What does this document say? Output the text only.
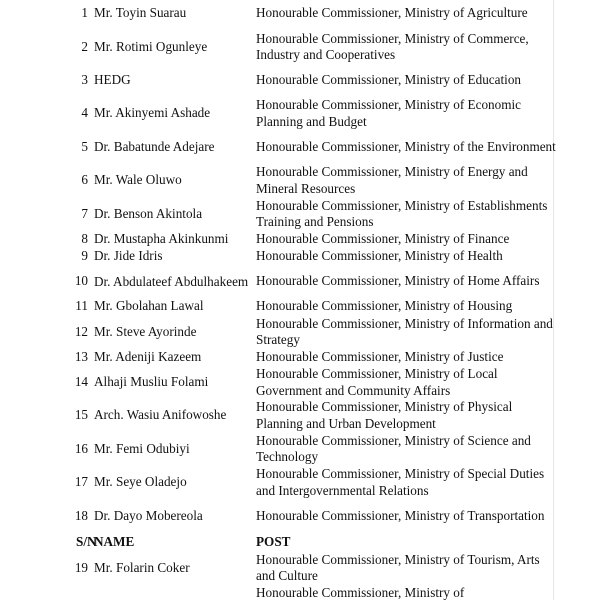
1	Mr. Toyin Suarau	Honourable Commissioner, Ministry of Agriculture
2	Mr. Rotimi Ogunleye	Honourable Commissioner, Ministry of Commerce, Industry and Cooperatives
3	HEDG	Honourable Commissioner, Ministry of Education
4	Mr. Akinyemi Ashade	Honourable Commissioner, Ministry of Economic Planning and Budget
5	Dr. Babatunde Adejare	Honourable Commissioner, Ministry of the Environment
6	Mr. Wale Oluwo	Honourable Commissioner, Ministry of Energy and Mineral Resources
7	Dr. Benson Akintola	Honourable Commissioner, Ministry of Establishments Training and Pensions
8	Dr. Mustapha Akinkunmi	Honourable Commissioner, Ministry of Finance
9	Dr. Jide Idris	Honourable Commissioner, Ministry of Health
10	Dr. Abdulateef Abdulhakeem	Honourable Commissioner, Ministry of Home Affairs
11	Mr. Gbolahan Lawal	Honourable Commissioner, Ministry of Housing
12	Mr. Steve Ayorinde	Honourable Commissioner, Ministry of Information and Strategy
13	Mr. Adeniji Kazeem	Honourable Commissioner, Ministry of Justice
14	Alhaji Musliu Folami	Honourable Commissioner, Ministry of Local Government and Community Affairs
15	Arch. Wasiu Anifowoshe	Honourable Commissioner, Ministry of Physical Planning and Urban Development
16	Mr. Femi Odubiyi	Honourable Commissioner, Ministry of Science and Technology
17	Mr. Seye Oladejo	Honourable Commissioner, Ministry of Special Duties and Intergovernmental Relations
18	Dr. Dayo Mobereola	Honourable Commissioner, Ministry of Transportation
S/N	NAME	POST
19	Mr. Folarin Coker	Honourable Commissioner, Ministry of Tourism, Arts and Culture
		Honourable Commissioner, Ministry of
